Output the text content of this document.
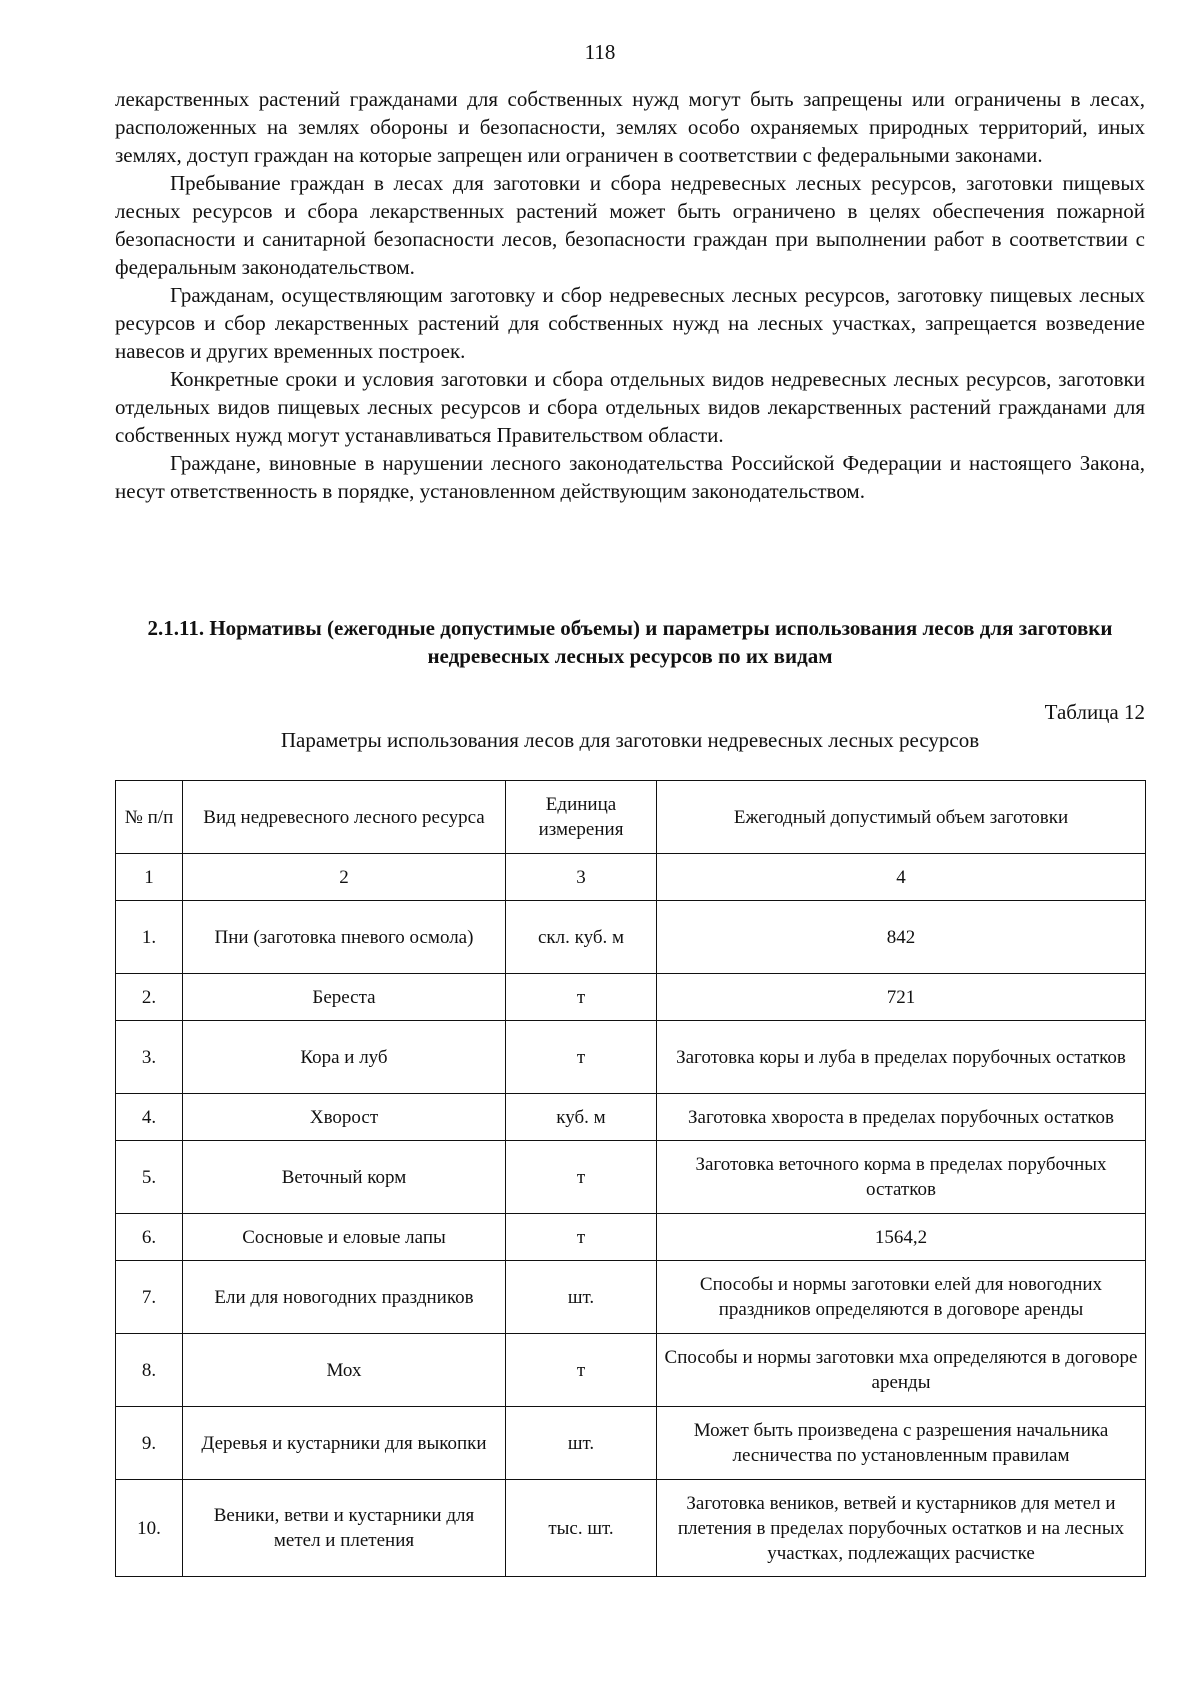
118

лекарственных растений гражданами для собственных нужд могут быть запрещены или ограничены в лесах, расположенных на землях обороны и безопасности, землях особо охраняемых природных территорий, иных землях, доступ граждан на которые запрещен или ограничен в соответствии с федеральными законами.

Пребывание граждан в лесах для заготовки и сбора недревесных лесных ресурсов, заготовки пищевых лесных ресурсов и сбора лекарственных растений может быть ограничено в целях обеспечения пожарной безопасности и санитарной безопасности лесов, безопасности граждан при выполнении работ в соответствии с федеральным законодательством.

Гражданам, осуществляющим заготовку и сбор недревесных лесных ресурсов, заготовку пищевых лесных ресурсов и сбор лекарственных растений для собственных нужд на лесных участках, запрещается возведение навесов и других временных построек.

Конкретные сроки и условия заготовки и сбора отдельных видов недревесных лесных ресурсов, заготовки отдельных видов пищевых лесных ресурсов и сбора отдельных видов лекарственных растений гражданами для собственных нужд могут устанавливаться Правительством области.

Граждане, виновные в нарушении лесного законодательства Российской Федерации и настоящего Закона, несут ответственность в порядке, установленном действующим законодательством.

2.1.11. Нормативы (ежегодные допустимые объемы) и параметры использования лесов для заготовки недревесных лесных ресурсов по их видам
Таблица 12
Параметры использования лесов для заготовки недревесных лесных ресурсов
№ п/п	Вид недревесного лесного ресурса	Единица измерения	Ежегодный допустимый объем заготовки
1	2	3	4
1.	Пни (заготовка пневого осмола)	скл. куб. м	842
2.	Береста	т	721
3.	Кора и луб	т	Заготовка коры и луба в пределах порубочных остатков
4.	Хворост	куб. м	Заготовка хвороста в пределах порубочных остатков
5.	Веточный корм	т	Заготовка веточного корма в пределах порубочных остатков
6.	Сосновые и еловые лапы	т	1564,2
7.	Ели для новогодних праздников	шт.	Способы и нормы заготовки елей для новогодних праздников определяются в договоре аренды
8.	Мох	т	Способы и нормы заготовки мха определяются в договоре аренды
9.	Деревья и кустарники для выкопки	шт.	Может быть произведена с разрешения начальника лесничества по установленным правилам
10.	Веники, ветви и кустарники для метел и плетения	тыс. шт.	Заготовка веников, ветвей и кустарников для метел и плетения в пределах порубочных остатков и на лесных участках, подлежащих расчистке
